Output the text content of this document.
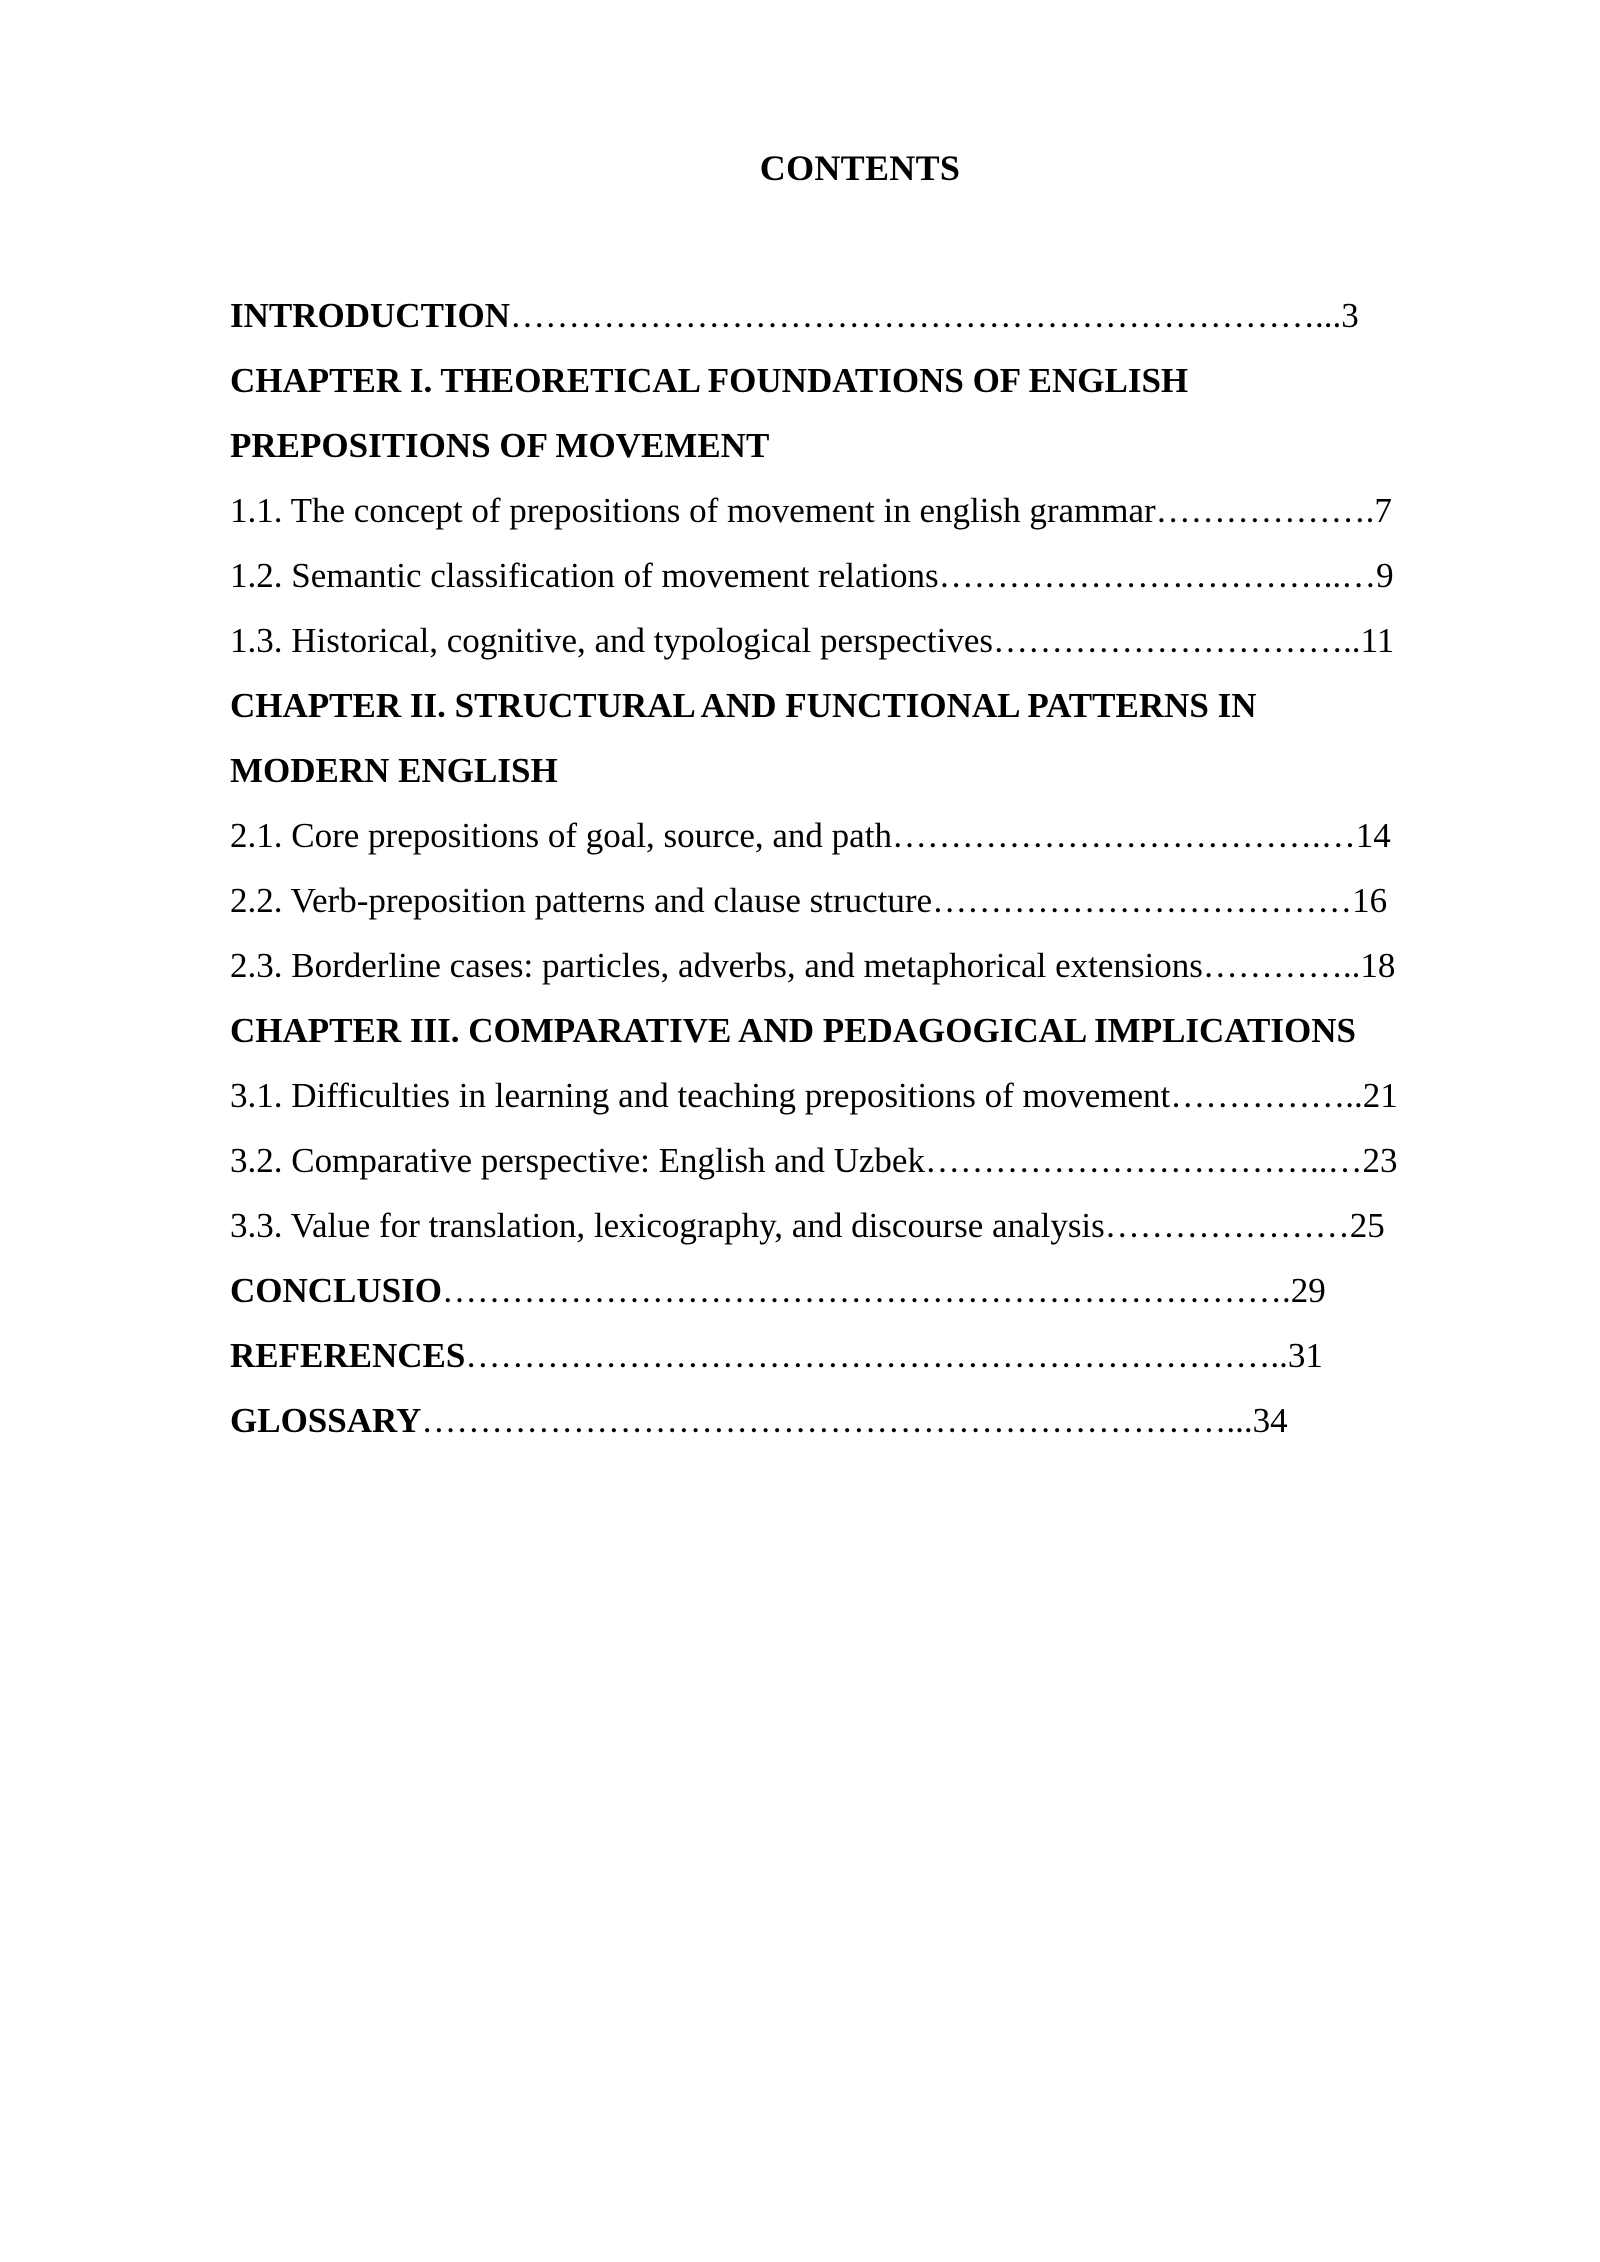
CONTENTS
INTRODUCTION……………………………………………………………...3
CHAPTER I. THEORETICAL FOUNDATIONS OF ENGLISH
PREPOSITIONS OF MOVEMENT
1.1. The concept of prepositions of movement in english grammar……………….7
1.2. Semantic classification of movement relations……………………………..…9
1.3. Historical, cognitive, and typological perspectives…………………………..11
CHAPTER II. STRUCTURAL AND FUNCTIONAL PATTERNS IN
MODERN ENGLISH
2.1. Core prepositions of goal, source, and path……………………………….…14
2.2. Verb-preposition patterns and clause structure………………………………16
2.3. Borderline cases: particles, adverbs, and metaphorical extensions…………..18
CHAPTER III. COMPARATIVE AND PEDAGOGICAL IMPLICATIONS
3.1. Difficulties in learning and teaching prepositions of movement……………..21
3.2. Comparative perspective: English and Uzbek……………………………..…23
3.3. Value for translation, lexicography, and discourse analysis…………………25
CONCLUSIO……………………………………………………………….29
REFERENCES……………………………………………………………..31
GLOSSARY……………………………………………………………...34
